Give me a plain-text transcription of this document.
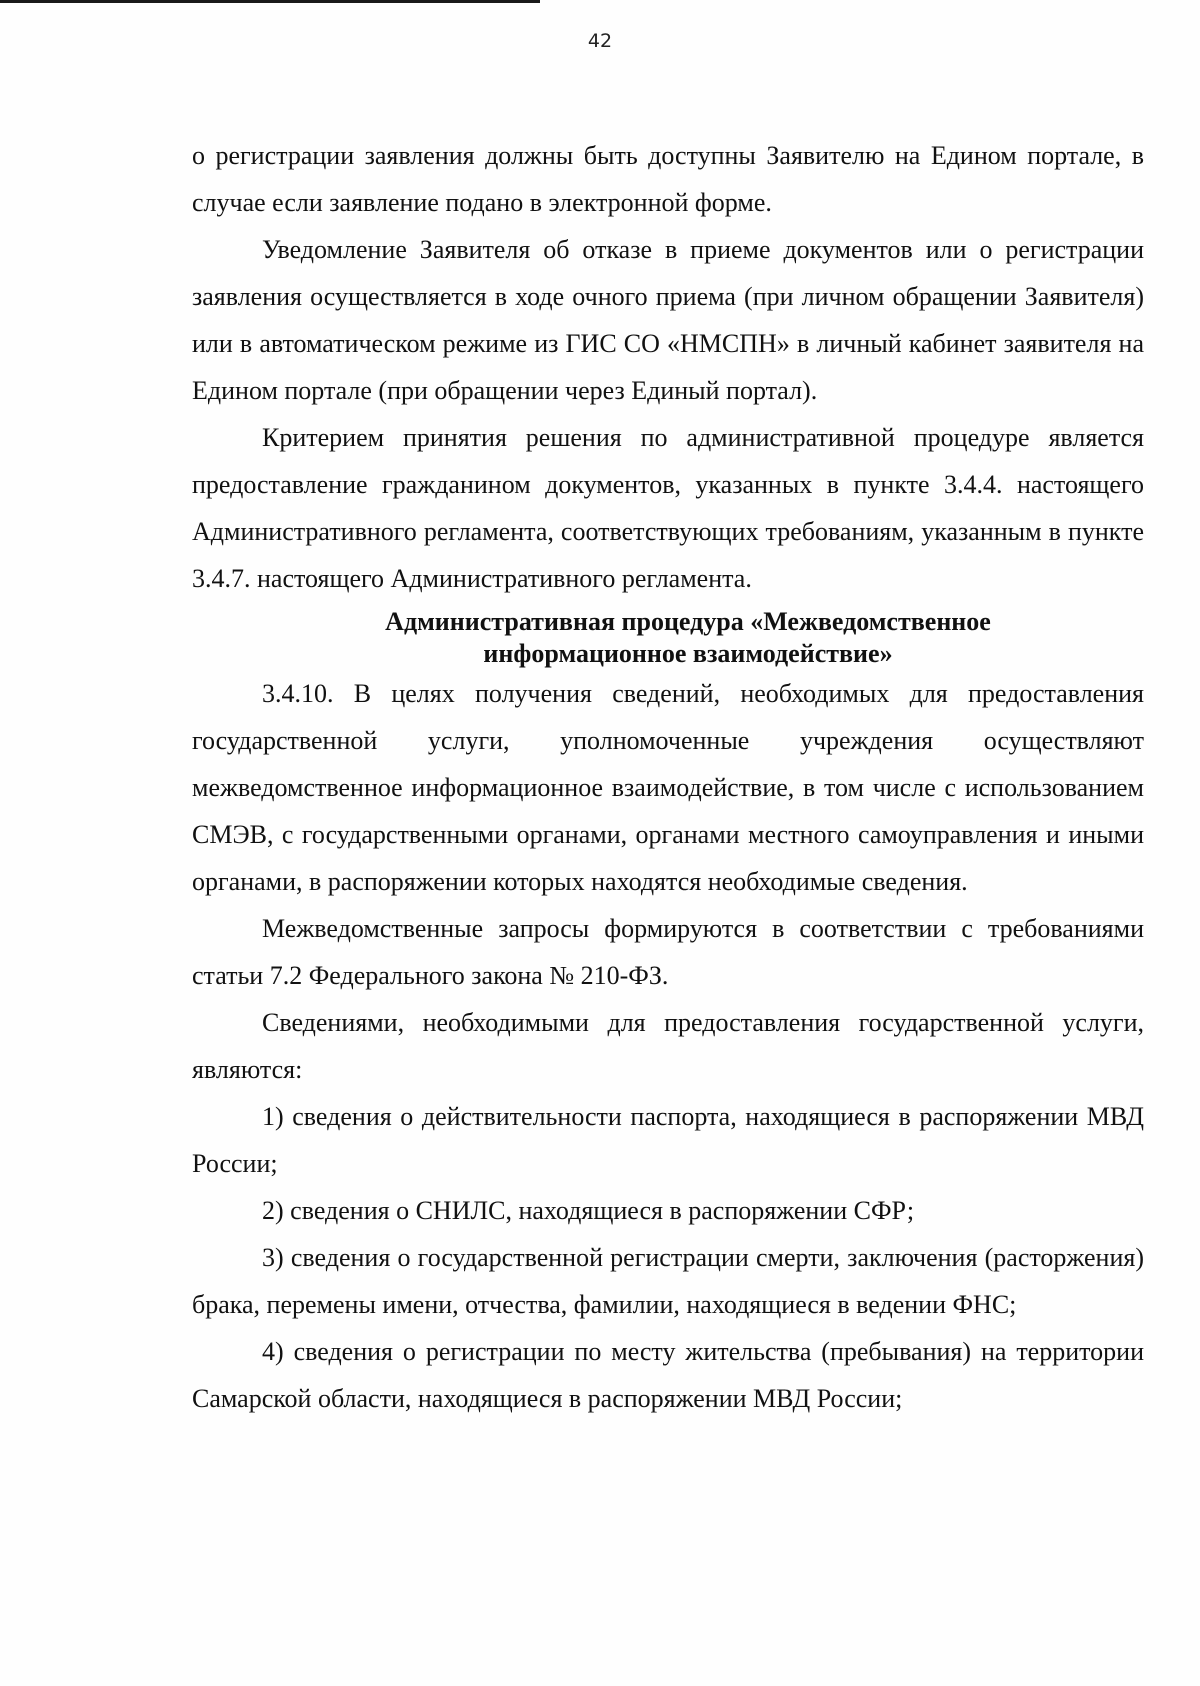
42

о регистрации заявления должны быть доступны Заявителю на Едином портале, в случае если заявление подано в электронной форме.

Уведомление Заявителя об отказе в приеме документов или о регистрации заявления осуществляется в ходе очного приема (при личном обращении Заявителя) или в автоматическом режиме из ГИС СО «НМСПН» в личный кабинет заявителя на Едином портале (при обращении через Единый портал).

Критерием принятия решения по административной процедуре является предоставление гражданином документов, указанных в пункте 3.4.4. настоящего Административного регламента, соответствующих требованиям, указанным в пункте 3.4.7. настоящего Административного регламента.

Административная процедура «Межведомственное
информационное взаимодействие»

3.4.10. В целях получения сведений, необходимых для предоставления государственной услуги, уполномоченные учреждения осуществляют межведомственное информационное взаимодействие, в том числе с использованием СМЭВ, с государственными органами, органами местного самоуправления и иными органами, в распоряжении которых находятся необходимые сведения.

Межведомственные запросы формируются в соответствии с требованиями статьи 7.2 Федерального закона № 210-ФЗ.

Сведениями, необходимыми для предоставления государственной услуги, являются:

1) сведения о действительности паспорта, находящиеся в распоряжении МВД России;

2) сведения о СНИЛС, находящиеся в распоряжении СФР;

3) сведения о государственной регистрации смерти, заключения (расторжения) брака, перемены имени, отчества, фамилии, находящиеся в ведении ФНС;

4) сведения о регистрации по месту жительства (пребывания) на территории Самарской области, находящиеся в распоряжении МВД России;
